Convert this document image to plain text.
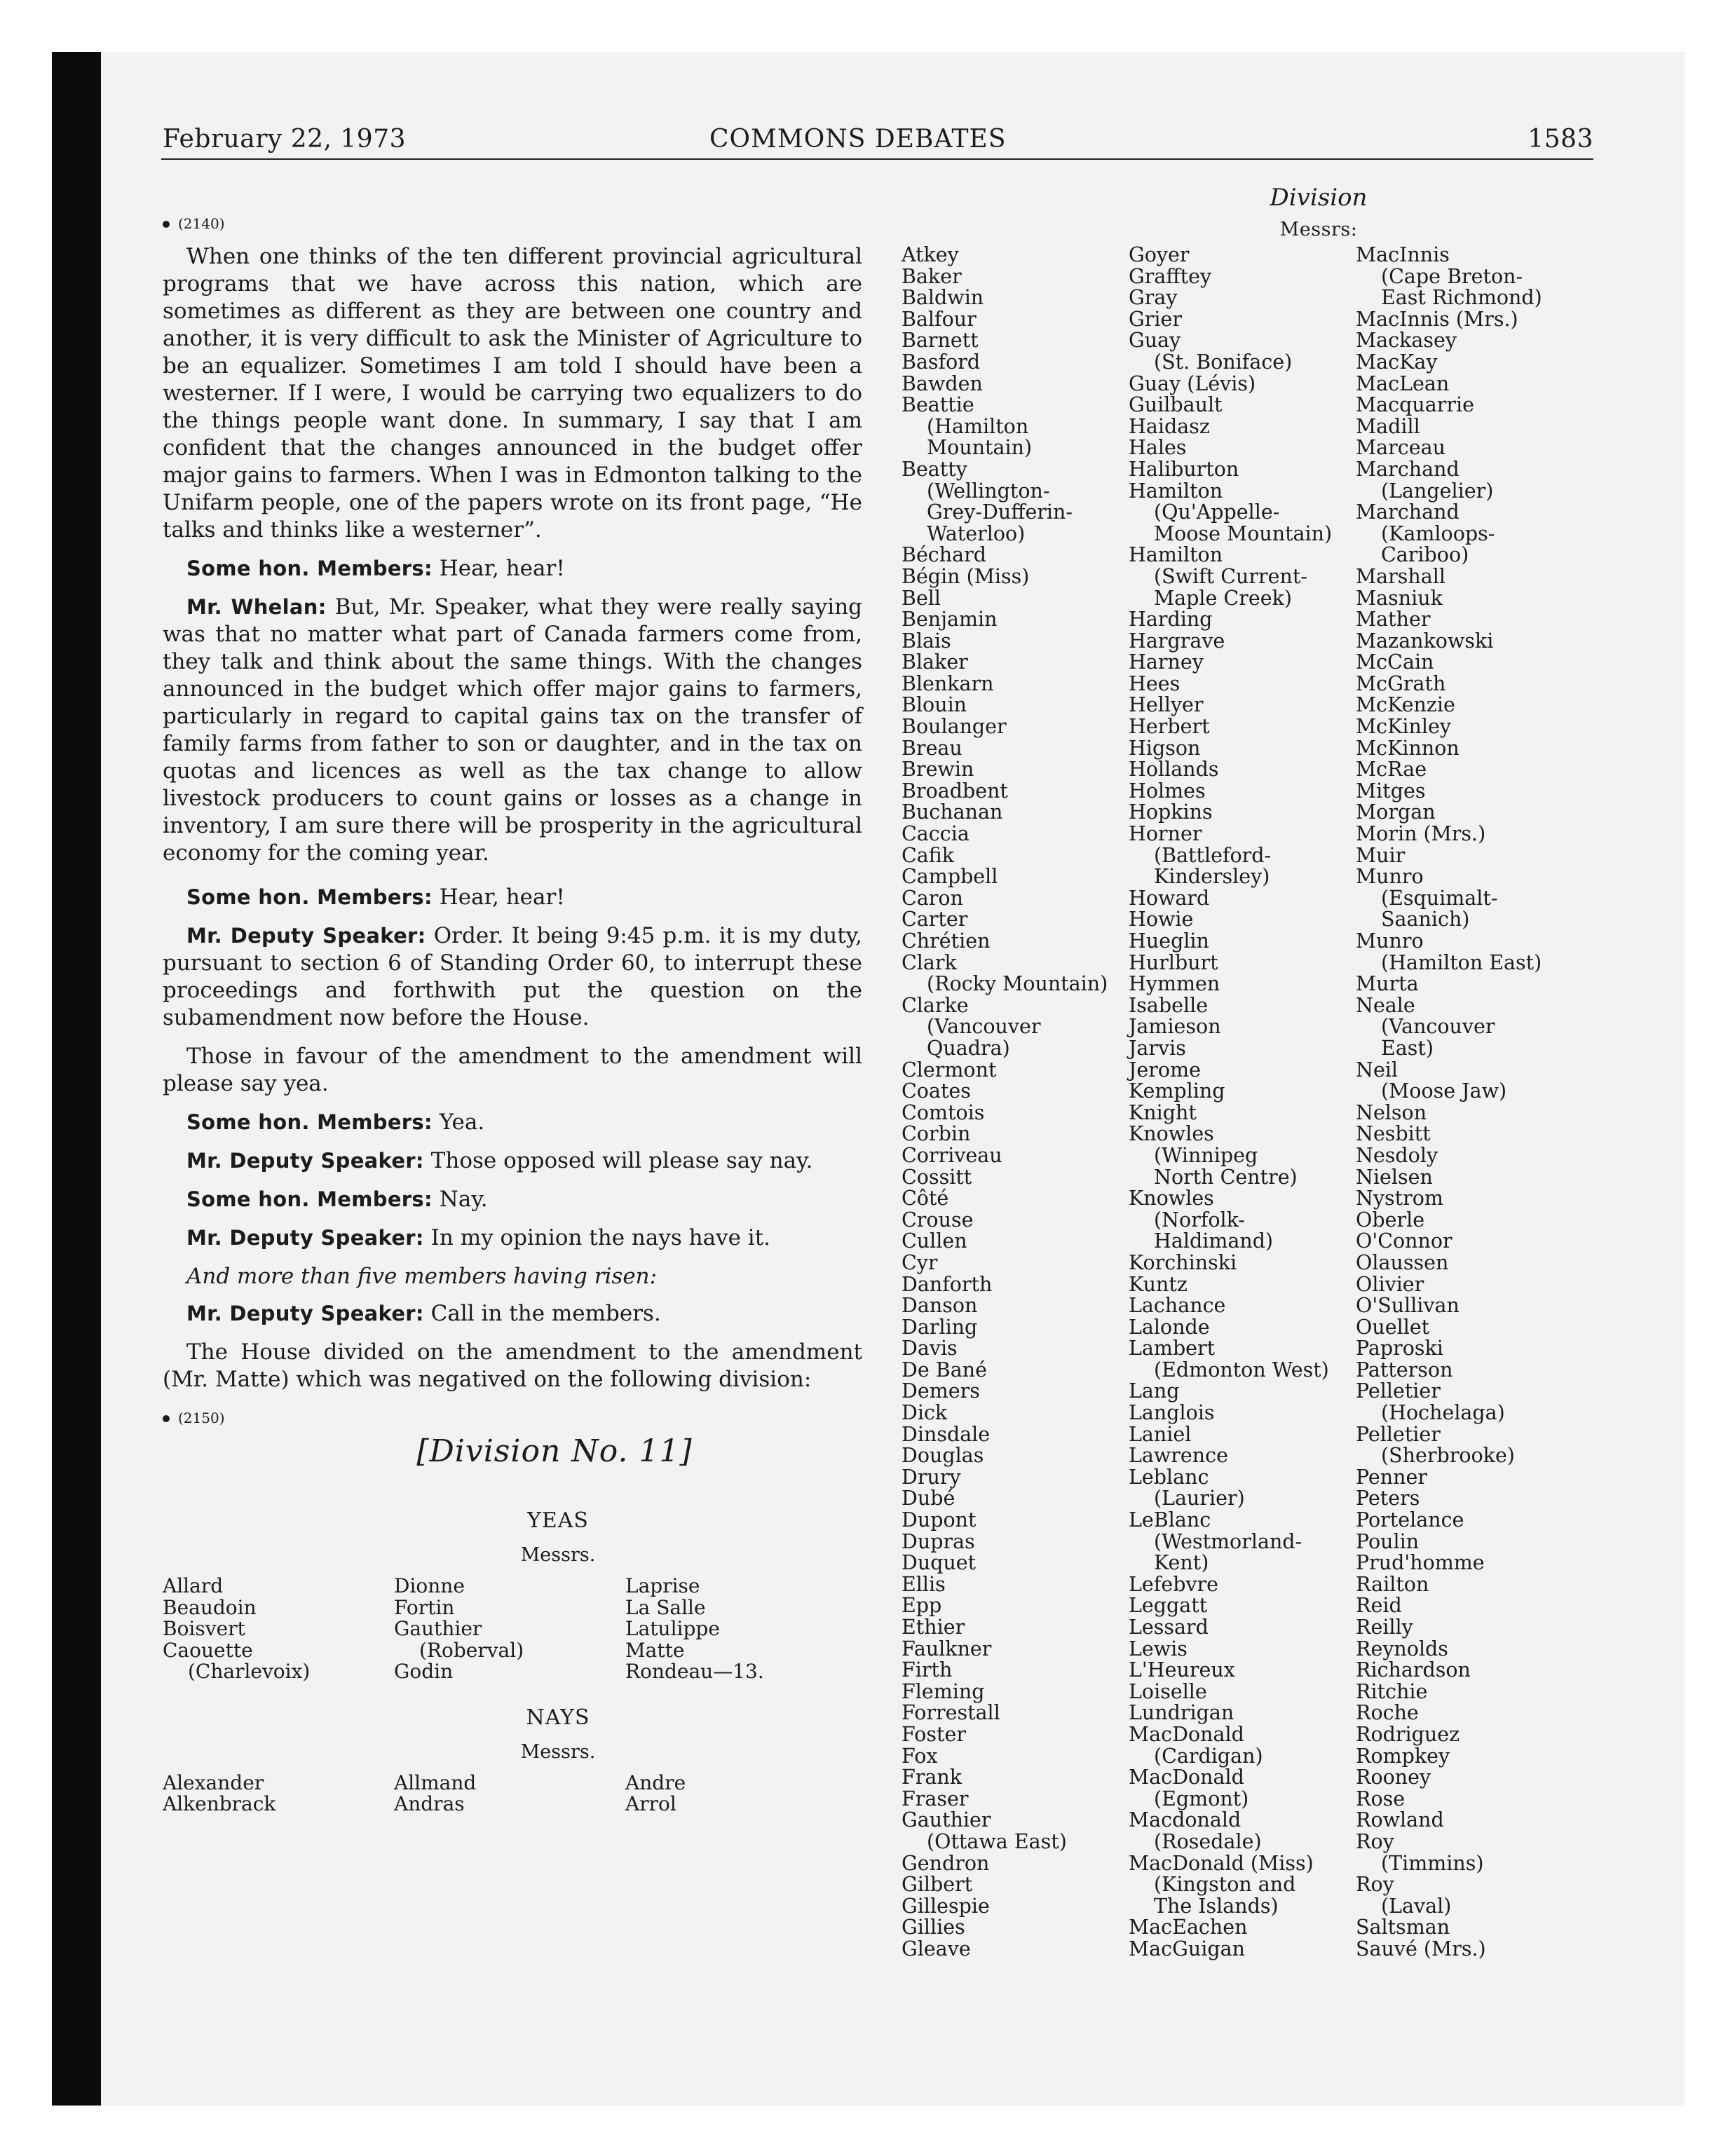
February 22, 1973	COMMONS DEBATES	1583
(2140)

When one thinks of the ten different provincial agricultural programs that we have across this nation, which are sometimes as different as they are between one country and another, it is very difficult to ask the Minister of Agriculture to be an equalizer. Sometimes I am told I should have been a westerner. If I were, I would be carrying two equalizers to do the things people want done. In summary, I say that I am confident that the changes announced in the budget offer major gains to farmers. When I was in Edmonton talking to the Unifarm people, one of the papers wrote on its front page, “He talks and thinks like a westerner”.

Some hon. Members: Hear, hear!

Mr. Whelan: But, Mr. Speaker, what they were really saying was that no matter what part of Canada farmers come from, they talk and think about the same things. With the changes announced in the budget which offer major gains to farmers, particularly in regard to capital gains tax on the transfer of family farms from father to son or daughter, and in the tax on quotas and licences as well as the tax change to allow livestock producers to count gains or losses as a change in inventory, I am sure there will be prosperity in the agricultural economy for the coming year.

Some hon. Members: Hear, hear!

Mr. Deputy Speaker: Order. It being 9:45 p.m. it is my duty, pursuant to section 6 of Standing Order 60, to interrupt these proceedings and forthwith put the question on the subamendment now before the House.

Those in favour of the amendment to the amendment will please say yea.

Some hon. Members: Yea.

Mr. Deputy Speaker: Those opposed will please say nay.

Some hon. Members: Nay.

Mr. Deputy Speaker: In my opinion the nays have it.

And more than five members having risen:

Mr. Deputy Speaker: Call in the members.

The House divided on the amendment to the amendment (Mr. Matte) which was negatived on the following division:

(2150)
[Division No. 11]
YEAS
Messrs.
Allard
Beaudoin
Boisvert
Caouette
(Charlevoix)
Dionne
Fortin
Gauthier
(Roberval)
Godin
Laprise
La Salle
Latulippe
Matte
Rondeau—13.
NAYS
Messrs.
Alexander
Alkenbrack
Allmand
Andras
Andre
Arrol
Division
Messrs:
Atkey
Baker
Baldwin
Balfour
Barnett
Basford
Bawden
Beattie
(Hamilton
Mountain)
Beatty
(Wellington-
Grey-Dufferin-
Waterloo)
Béchard
Bégin (Miss)
Bell
Benjamin
Blais
Blaker
Blenkarn
Blouin
Boulanger
Breau
Brewin
Broadbent
Buchanan
Caccia
Cafik
Campbell
Caron
Carter
Chrétien
Clark
(Rocky Mountain)
Clarke
(Vancouver
Quadra)
Clermont
Coates
Comtois
Corbin
Corriveau
Cossitt
Côté
Crouse
Cullen
Cyr
Danforth
Danson
Darling
Davis
De Bané
Demers
Dick
Dinsdale
Douglas
Drury
Dubé
Dupont
Dupras
Duquet
Ellis
Epp
Ethier
Faulkner
Firth
Fleming
Forrestall
Foster
Fox
Frank
Fraser
Gauthier
(Ottawa East)
Gendron
Gilbert
Gillespie
Gillies
Gleave
Goyer
Grafftey
Gray
Grier
Guay
(St. Boniface)
Guay (Lévis)
Guilbault
Haidasz
Hales
Haliburton
Hamilton
(Qu'Appelle-
Moose Mountain)
Hamilton
(Swift Current-
Maple Creek)
Harding
Hargrave
Harney
Hees
Hellyer
Herbert
Higson
Hollands
Holmes
Hopkins
Horner
(Battleford-
Kindersley)
Howard
Howie
Hueglin
Hurlburt
Hymmen
Isabelle
Jamieson
Jarvis
Jerome
Kempling
Knight
Knowles
(Winnipeg
North Centre)
Knowles
(Norfolk-
Haldimand)
Korchinski
Kuntz
Lachance
Lalonde
Lambert
(Edmonton West)
Lang
Langlois
Laniel
Lawrence
Leblanc
(Laurier)
LeBlanc
(Westmorland-
Kent)
Lefebvre
Leggatt
Lessard
Lewis
L'Heureux
Loiselle
Lundrigan
MacDonald
(Cardigan)
MacDonald
(Egmont)
Macdonald
(Rosedale)
MacDonald (Miss)
(Kingston and
The Islands)
MacEachen
MacGuigan
MacInnis
(Cape Breton-
East Richmond)
MacInnis (Mrs.)
Mackasey
MacKay
MacLean
Macquarrie
Madill
Marceau
Marchand
(Langelier)
Marchand
(Kamloops-
Cariboo)
Marshall
Masniuk
Mather
Mazankowski
McCain
McGrath
McKenzie
McKinley
McKinnon
McRae
Mitges
Morgan
Morin (Mrs.)
Muir
Munro
(Esquimalt-
Saanich)
Munro
(Hamilton East)
Murta
Neale
(Vancouver
East)
Neil
(Moose Jaw)
Nelson
Nesbitt
Nesdoly
Nielsen
Nystrom
Oberle
O'Connor
Olaussen
Olivier
O'Sullivan
Ouellet
Paproski
Patterson
Pelletier
(Hochelaga)
Pelletier
(Sherbrooke)
Penner
Peters
Portelance
Poulin
Prud'homme
Railton
Reid
Reilly
Reynolds
Richardson
Ritchie
Roche
Rodriguez
Rompkey
Rooney
Rose
Rowland
Roy
(Timmins)
Roy
(Laval)
Saltsman
Sauvé (Mrs.)
